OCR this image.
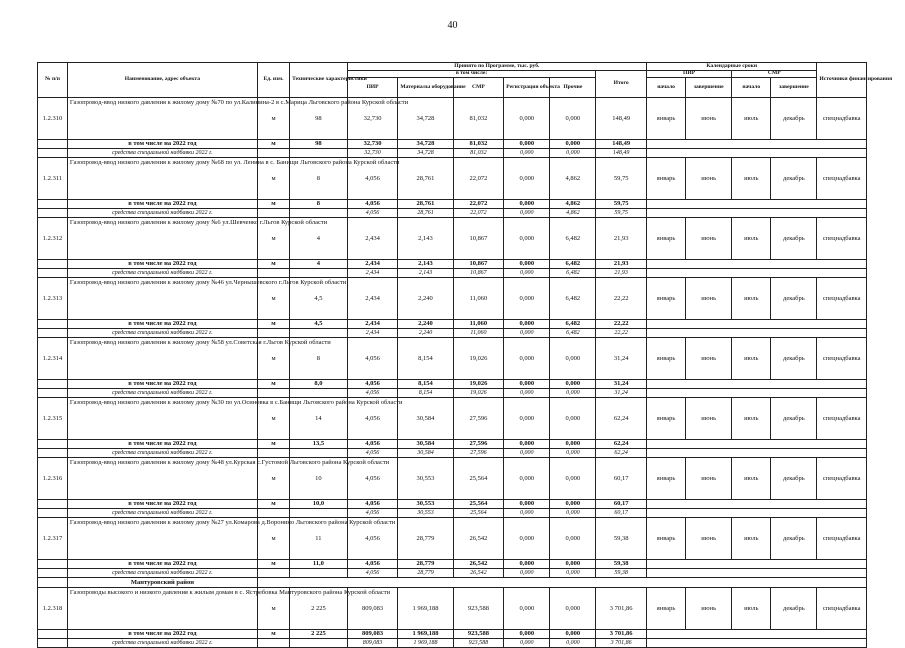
40
№ п/п	Наименование, адрес объекта	Ед. изм.	Технические характеристики	Принято по Программе, тыс. руб.						Календарные сроки				Источники финансирования
				в том числе:					Итого	ПИР		СМР		
				ПИР	Материалы оборудование	СМР	Регистрация объекта	Прочие		начало	завершение	начало	завершение	

1.2.310	Газопровод-ввод низкого давления к жилому дому №70 по ул.Калинина-2 в с.Марица Льговского района Курской области	м	98	32,730	34,728	81,032	0,000	0,000	148,49	январь	июнь	июль	декабрь	спецнадбавка
	в том числе на 2022 год	м	98	32,730	34,728	81,032	0,000	0,000	148,49					
	средства специальной надбавки 2022 г.			32,730	34,728	81,032	0,000	0,000	148,49					
1.2.311	Газопровод-ввод низкого давления к жилому дому №68 по ул. Ленина в с. Банищи Льговского района Курской области	м	8	4,056	28,761	22,072	0,000	4,862	59,75	январь	июнь	июль	декабрь	спецнадбавка
	в том числе на 2022 год	м	8	4,056	28,761	22,072	0,000	4,862	59,75					
	средства специальной надбавки 2022 г.			4,056	28,761	22,072	0,000	4,862	59,75					
1.2.312	Газопровод-ввод низкого давления к жилому дому №6 ул.Шевченко г.Льгов Курской области	м	4	2,434	2,143	10,867	0,000	6,482	21,93	январь	июнь	июль	декабрь	спецнадбавка
	в том числе на 2022 год	м	4	2,434	2,143	10,867	0,000	6,482	21,93					
	средства специальной надбавки 2022 г.			2,434	2,143	10,867	0,000	6,482	21,93					
1.2.313	Газопровод-ввод низкого давления к жилому дому №46 ул.Чернышевского г.Льгов Курской области	м	4,5	2,434	2,240	11,060	0,000	6,482	22,22	январь	июнь	июль	декабрь	спецнадбавка
	в том числе на 2022 год	м	4,5	2,434	2,240	11,060	0,000	6,482	22,22					
	средства специальной надбавки 2022 г.			2,434	2,240	11,060	0,000	6,482	22,22					
1.2.314	Газопровод-ввод низкого давления к жилому дому №58 ул.Советская г.Льгов Курской области	м	8	4,056	8,154	19,026	0,000	0,000	31,24	январь	июнь	июль	декабрь	спецнадбавка
	в том числе на 2022 год	м	8,0	4,056	8,154	19,026	0,000	0,000	31,24					
	средства специальной надбавки 2022 г.			4,056	8,154	19,026	0,000	0,000	31,24					
1.2.315	Газопровод-ввод низкого давления к жилому дому №30 по ул.Осиновка в с.Банищи Льговского района Курской области	м	14	4,056	30,584	27,596	0,000	0,000	62,24	январь	июнь	июль	декабрь	спецнадбавка
	в том числе на 2022 год	м	13,5	4,056	30,584	27,596	0,000	0,000	62,24					
	средства специальной надбавки 2022 г.			4,056	30,584	27,596	0,000	0,000	62,24					
1.2.316	Газопровод-ввод низкого давления к жилому дому №48 ул.Курская с.Густомой Льговского района Курской области	м	10	4,056	30,553	25,564	0,000	0,000	60,17	январь	июнь	июль	декабрь	спецнадбавка
	в том числе на 2022 год	м	10,0	4,056	30,553	25,564	0,000	0,000	60,17					
	средства специальной надбавки 2022 г.			4,056	30,553	25,564	0,000	0,000	60,17					
1.2.317	Газопровод-ввод низкого давления к жилому дому №27 ул.Комарова д.Воронино Льговского района Курской области	м	11	4,056	28,779	26,542	0,000	0,000	59,38	январь	июнь	июль	декабрь	спецнадбавка
	в том числе на 2022 год	м	11,0	4,056	28,779	26,542	0,000	0,000	59,38					
	средства специальной надбавки 2022 г.			4,056	28,779	26,542	0,000	0,000	59,38					
	Мантуровский район													
1.2.318	Газопроводы высокого и низкого давления к жилым домам в с. Ястребовка Мантуровского района Курской области	м	2 225	809,083	1 969,188	923,588	0,000	0,000	3 701,86	январь	июнь	июль	декабрь	спецнадбавка
	в том числе на 2022 год	м	2 225	809,083	1 969,188	923,588	0,000	0,000	3 701,86					
	средства специальной надбавки 2022 г.			809,083	1 969,188	923,588	0,000	0,000	3 701,86					
